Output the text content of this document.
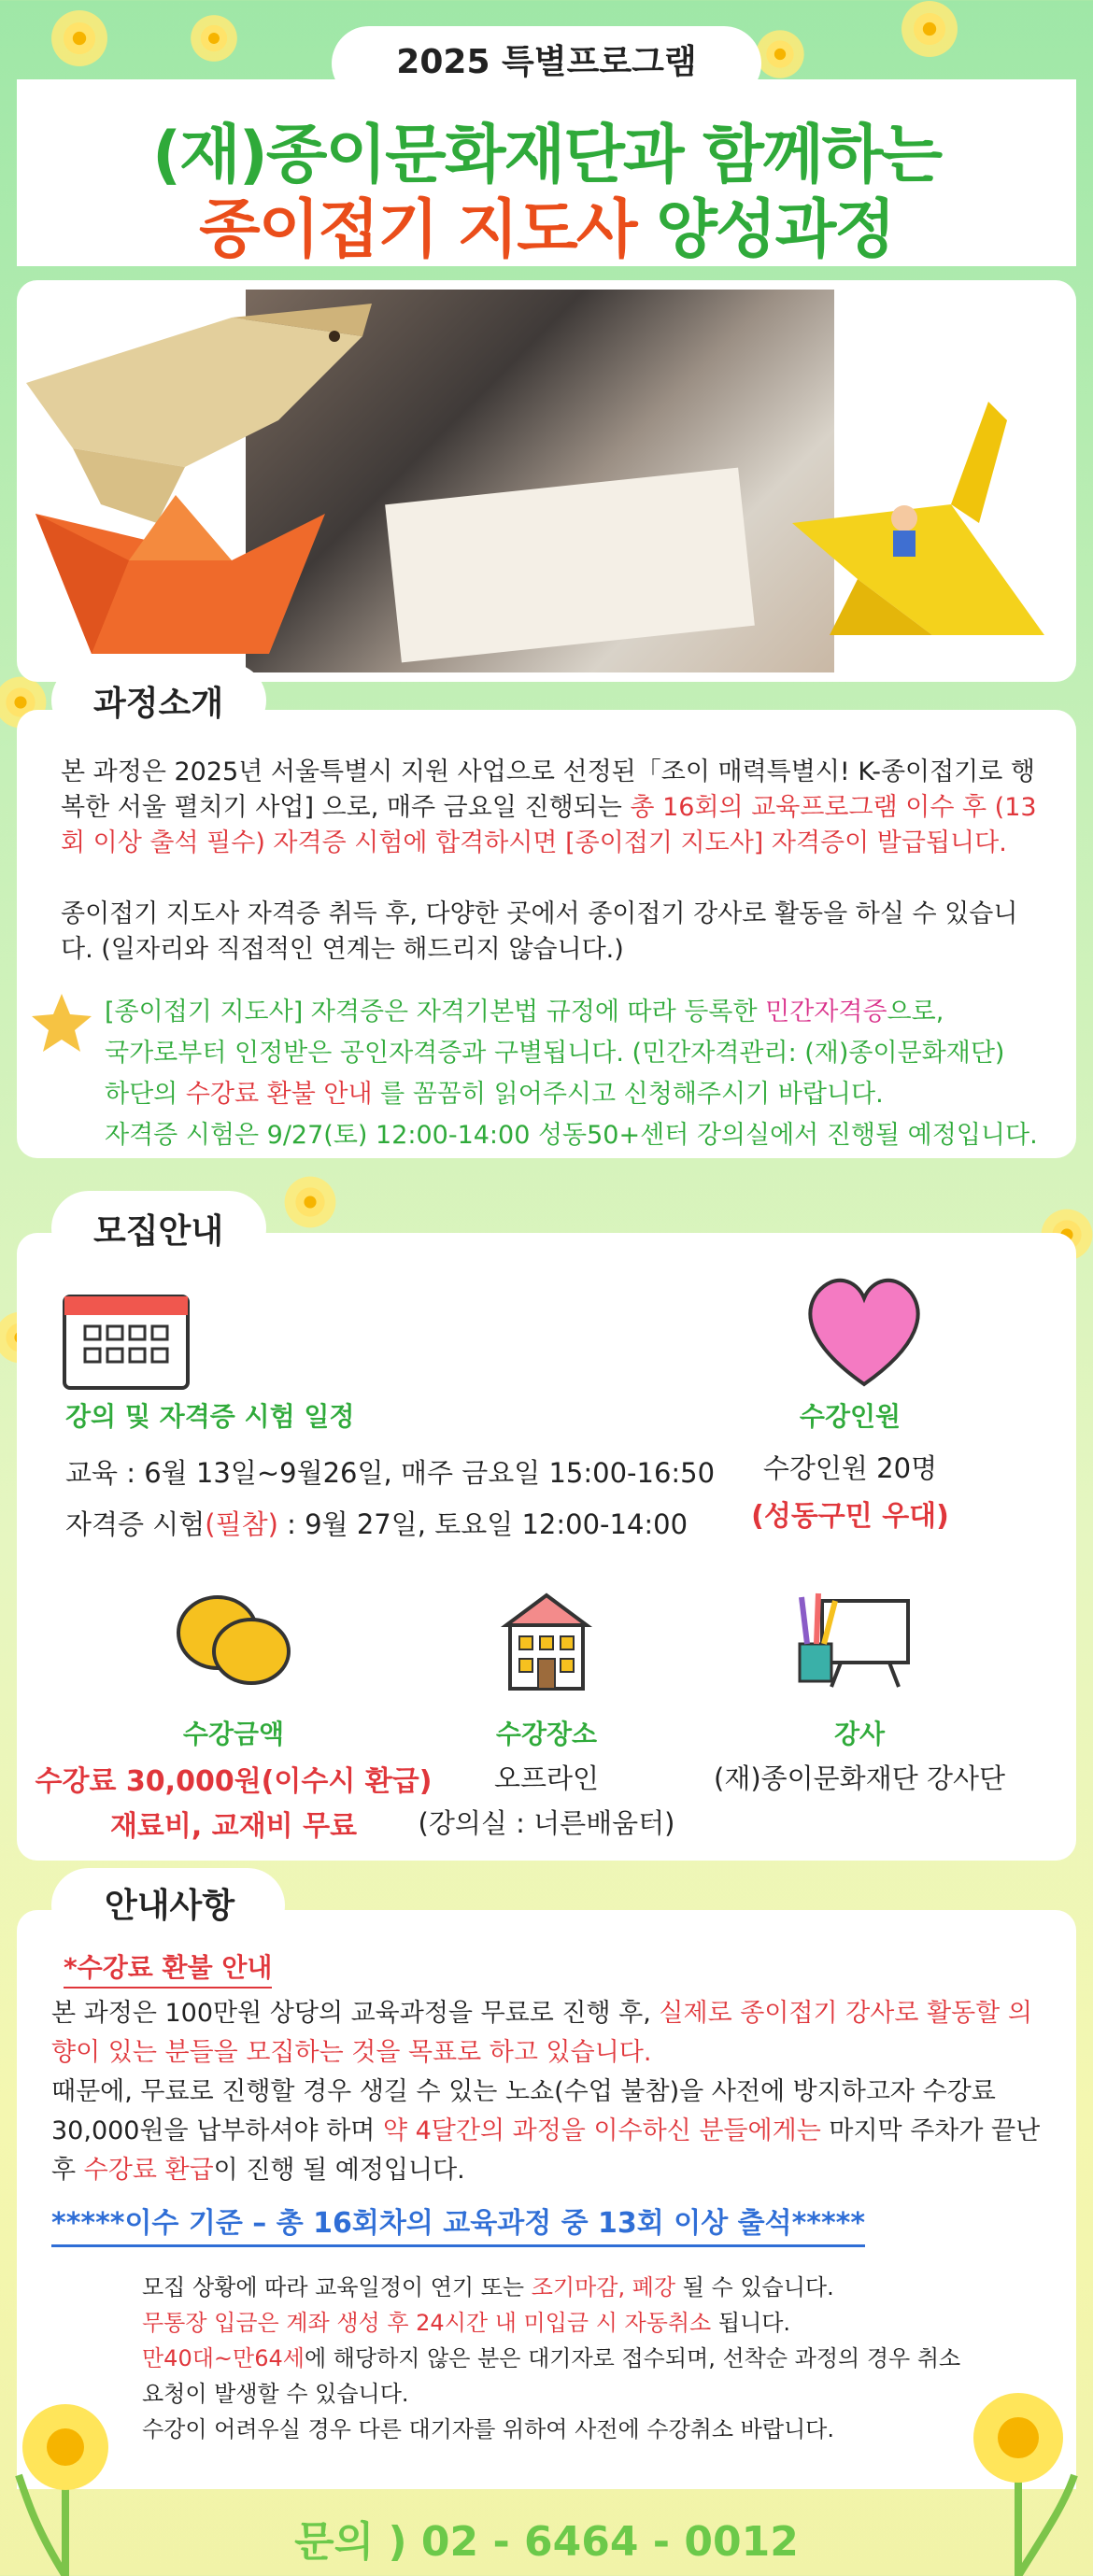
2025 특별프로그램
(재)종이문화재단과 함께하는
종이접기 지도사 양성과정
과정소개
본 과정은 2025년 서울특별시 지원 사업으로 선정된「조이 매력특별시! K-종이접기로 행복한 서울 펼치기 사업] 으로, 매주 금요일 진행되는 총 16회의 교육프로그램 이수 후 (13회 이상 출석 필수) 자격증 시험에 합격하시면 [종이접기 지도사] 자격증이 발급됩니다.
종이접기 지도사 자격증 취득 후, 다양한 곳에서 종이접기 강사로 활동을 하실 수 있습니다. (일자리와 직접적인 연계는 해드리지 않습니다.)
[종이접기 지도사] 자격증은 자격기본법 규정에 따라 등록한 민간자격증으로,
국가로부터 인정받은 공인자격증과 구별됩니다. (민간자격관리: (재)종이문화재단)
하단의 수강료 환불 안내 를 꼼꼼히 읽어주시고 신청해주시기 바랍니다.
자격증 시험은 9/27(토) 12:00-14:00 성동50+센터 강의실에서 진행될 예정입니다.
모집안내
강의 및 자격증 시험 일정
교육 : 6월 13일~9월26일, 매주 금요일 15:00-16:50
자격증 시험(필참) : 9월 27일, 토요일 12:00-14:00
수강인원
수강인원 20명
(성동구민 우대)
수강금액
수강료 30,000원(이수시 환급)
재료비, 교재비 무료
수강장소
오프라인
(강의실 : 너른배움터)
강사
(재)종이문화재단 강사단
안내사항
*수강료 환불 안내
본 과정은 100만원 상당의 교육과정을 무료로 진행 후, 실제로 종이접기 강사로 활동할 의향이 있는 분들을 모집하는 것을 목표로 하고 있습니다.
때문에, 무료로 진행할 경우 생길 수 있는 노쇼(수업 불참)을 사전에 방지하고자 수강료 30,000원을 납부하셔야 하며 약 4달간의 과정을 이수하신 분들에게는 마지막 주차가 끝난 후 수강료 환급이 진행 될 예정입니다.
*****이수 기준 – 총 16회차의 교육과정 중 13회 이상 출석*****
모집 상황에 따라 교육일정이 연기 또는 조기마감, 폐강 될 수 있습니다.
무통장 입금은 계좌 생성 후 24시간 내 미입금 시 자동취소 됩니다.
만40대~만64세에 해당하지 않은 분은 대기자로 접수되며, 선착순 과정의 경우 취소요청이 발생할 수 있습니다.
수강이 어려우실 경우 다른 대기자를 위하여 사전에 수강취소 바랍니다.
문의 ) 02 - 6464 - 0012
